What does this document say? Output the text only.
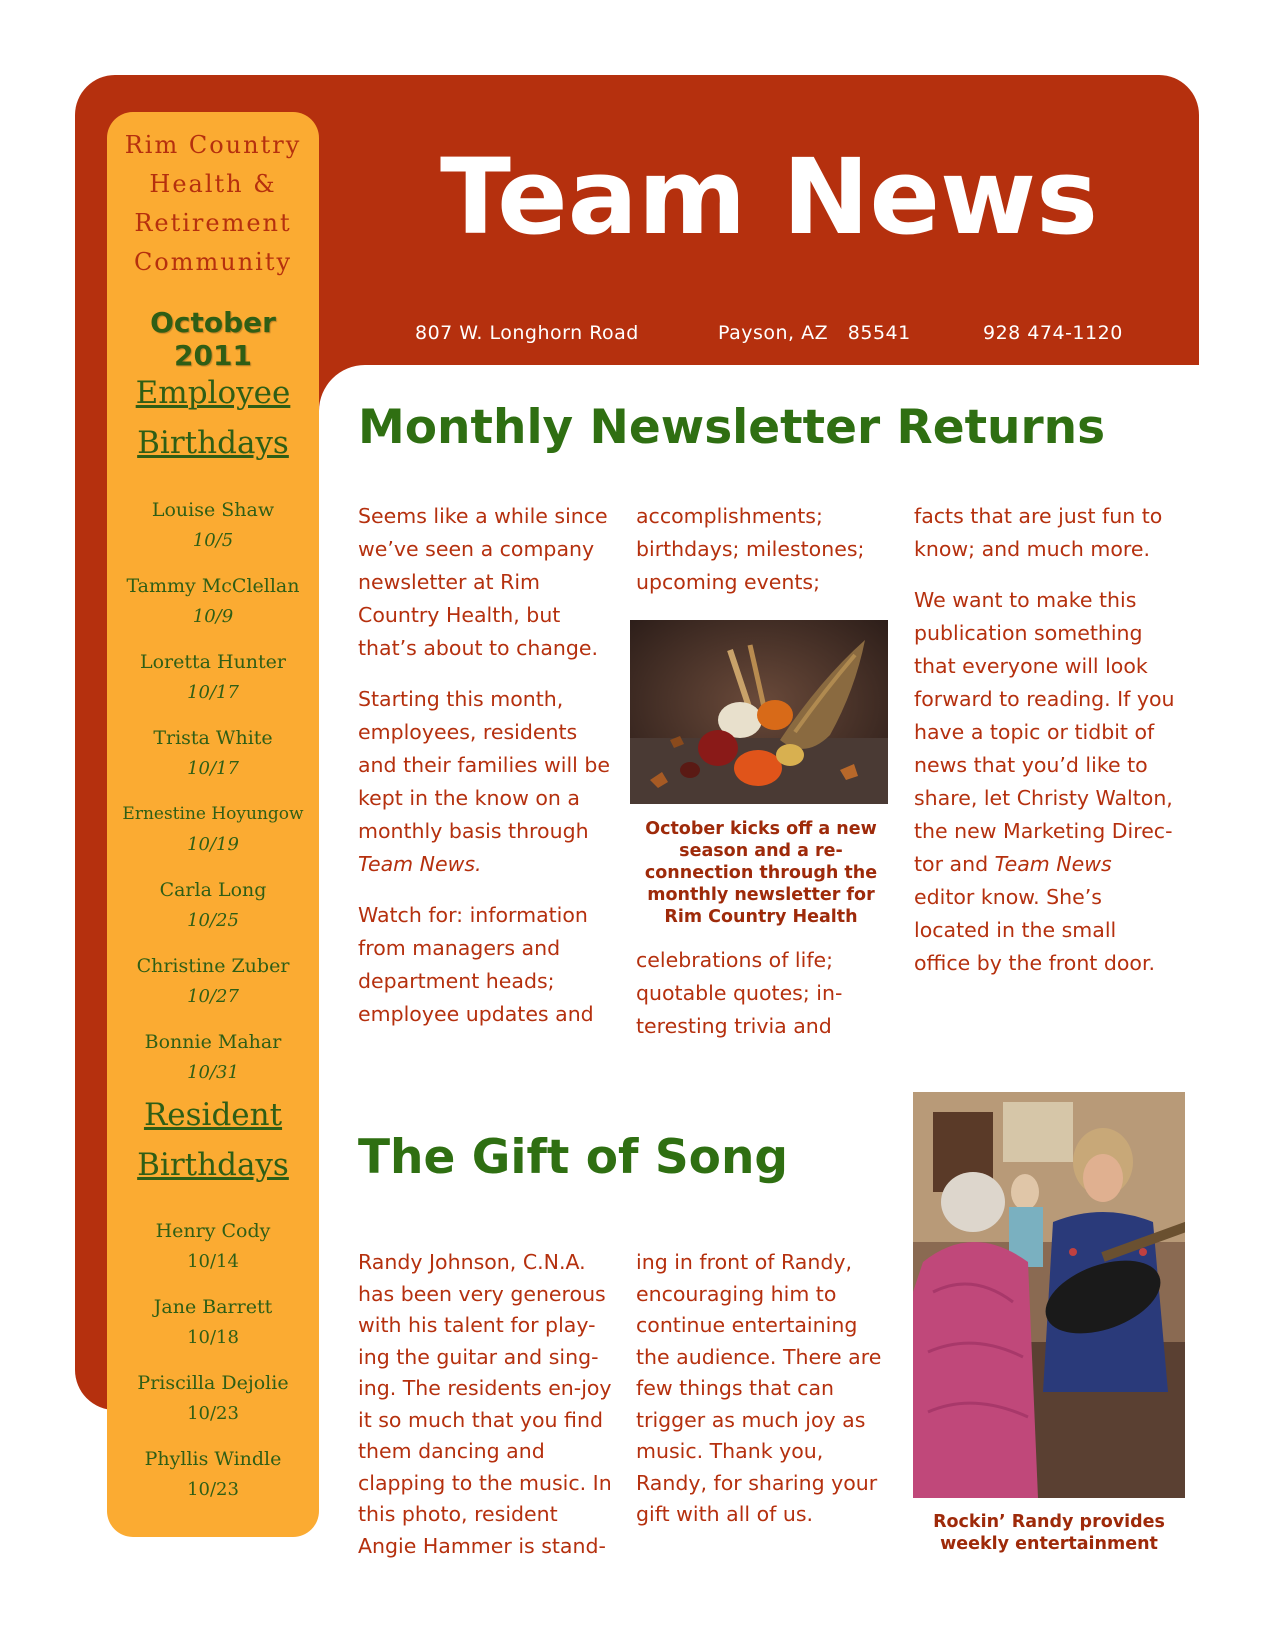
Rim Country
Health &
Retirement
Community
October 2011
Employee
Birthdays
Louise Shaw
10/5
Tammy McClellan
10/9
Loretta Hunter
10/17
Trista White
10/17
Ernestine Hoyungow
10/19
Carla Long
10/25
Christine Zuber
10/27
Bonnie Mahar
10/31
Resident
Birthdays
Henry Cody
10/14
Jane Barrett
10/18
Priscilla Dejolie
10/23
Phyllis Windle
10/23
Team News
807 W. Longhorn Road	Payson, AZ   85541	928 474-1120
Monthly Newsletter Returns

Seems like a while since we’ve seen a company newsletter at Rim Country Health, but that’s about to change.

Starting this month, employees, residents and their families will be kept in the know on a monthly basis through Team News.

Watch for: information from managers and department heads; employee updates and

accomplishments; birthdays; milestones; upcoming events;

October kicks off a new season and a re-connection through the monthly newsletter for Rim Country Health

celebrations of life; quotable quotes; in-teresting trivia and

facts that are just fun to know; and much more.

We want to make this publication something that everyone will look forward to reading. If you have a topic or tidbit of news that you’d like to share, let Christy Walton, the new Marketing Direc-tor and Team News editor know. She’s located in the small office by the front door.

The Gift of Song

Randy Johnson, C.N.A. has been very generous with his talent for play-ing the guitar and sing-ing. The residents en-joy it so much that you find them dancing and clapping to the music. In this photo, resident Angie Hammer is stand-

ing in front of Randy, encouraging him to continue entertaining the audience. There are few things that can trigger as much joy as music. Thank you, Randy, for sharing your gift with all of us.	Rockin’ Randy provides weekly entertainment
